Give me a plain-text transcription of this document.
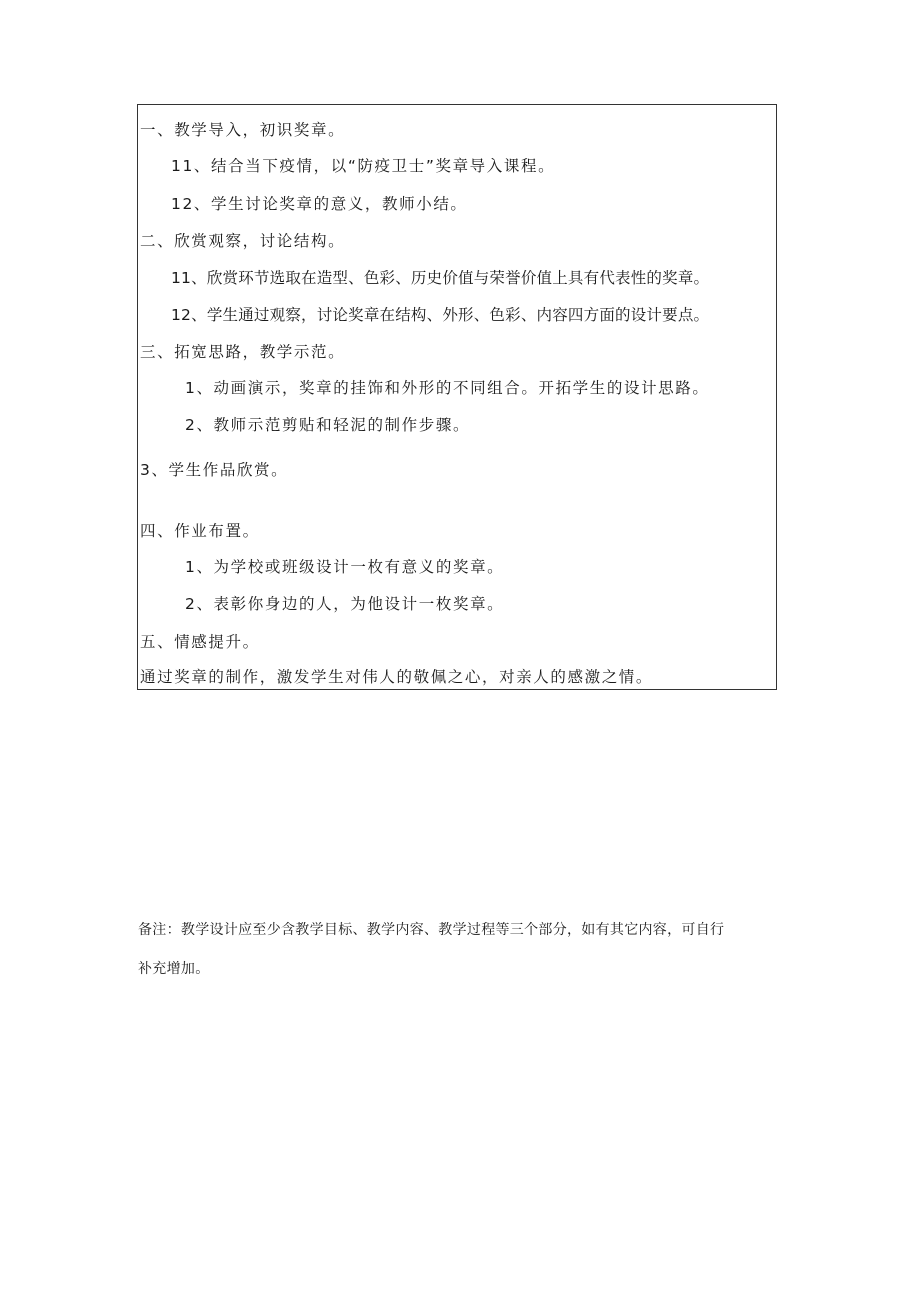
一、教学导入，初识奖章。
11、结合当下疫情，以“防疫卫士”奖章导入课程。
12、学生讨论奖章的意义，教师小结。
二、欣赏观察，讨论结构。
11、欣赏环节选取在造型、色彩、历史价值与荣誉价值上具有代表性的奖章。
12、学生通过观察，讨论奖章在结构、外形、色彩、内容四方面的设计要点。
三、拓宽思路，教学示范。
1、动画演示，奖章的挂饰和外形的不同组合。开拓学生的设计思路。
2、教师示范剪贴和轻泥的制作步骤。
3、学生作品欣赏。
四、作业布置。
1、为学校或班级设计一枚有意义的奖章。
2、表彰你身边的人，为他设计一枚奖章。
五、情感提升。
通过奖章的制作，激发学生对伟人的敬佩之心，对亲人的感激之情。
备注：教学设计应至少含教学目标、教学内容、教学过程等三个部分，如有其它内容，可自行
补充增加。
